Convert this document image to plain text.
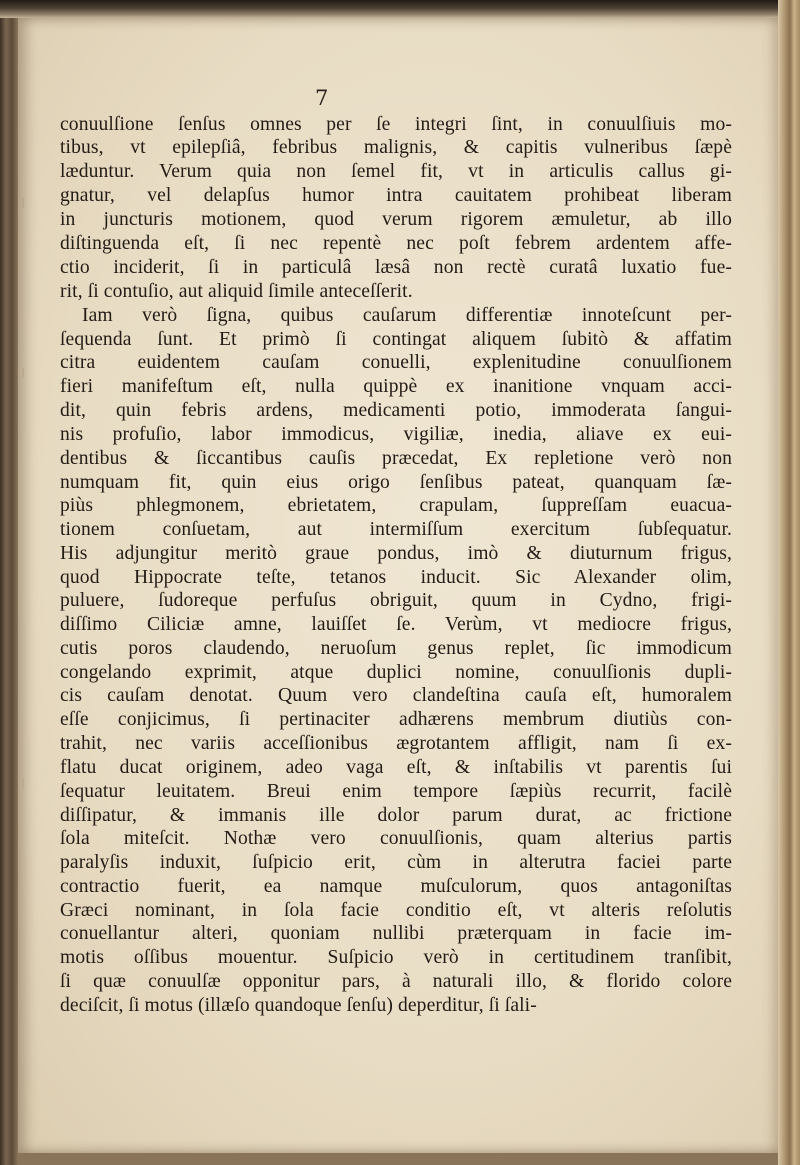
7
conuulſione ſenſus omnes per ſe integri ſint, in conuulſiuis mo-
tibus, vt epilepſiâ, febribus malignis, & capitis vulneribus ſæpè
læduntur. Verum quia non ſemel fit, vt in articulis callus gi-
gnatur, vel delapſus humor intra cauitatem prohibeat liberam
in juncturis motionem, quod verum rigorem æmuletur, ab illo
diſtinguenda eſt, ſi nec repentè nec poſt febrem ardentem affe-
ctio inciderit, ſi in particulâ læsâ non rectè curatâ luxatio fue-
rit, ſi contuſio, aut aliquid ſimile anteceſſerit.
Iam verò ſigna, quibus cauſarum differentiæ innoteſcunt per-
ſequenda ſunt. Et primò ſi contingat aliquem ſubitò & affatim
citra euidentem cauſam conuelli, explenitudine conuulſionem
fieri manifeſtum eſt, nulla quippè ex inanitione vnquam acci-
dit, quin febris ardens, medicamenti potio, immoderata ſangui-
nis profuſio, labor immodicus, vigiliæ, inedia, aliave ex eui-
dentibus & ſiccantibus cauſis præcedat, Ex repletione verò non
numquam fit, quin eius origo ſenſibus pateat, quanquam ſæ-
piùs phlegmonem, ebrietatem, crapulam, ſuppreſſam euacua-
tionem conſuetam, aut intermiſſum exercitum ſubſequatur.
His adjungitur meritò graue pondus, imò & diuturnum frigus,
quod Hippocrate teſte, tetanos inducit. Sic Alexander olim,
puluere, ſudoreque perfuſus obriguit, quum in Cydno, frigi-
diſſimo Ciliciæ amne, lauiſſet ſe. Verùm, vt mediocre frigus,
cutis poros claudendo, neruoſum genus replet, ſic immodicum
congelando exprimit, atque duplici nomine, conuulſionis dupli-
cis cauſam denotat. Quum vero clandeſtina cauſa eſt, humoralem
eſſe conjicimus, ſi pertinaciter adhærens membrum diutiùs con-
trahit, nec variis acceſſionibus ægrotantem affligit, nam ſi ex-
flatu ducat originem, adeo vaga eſt, & inſtabilis vt parentis ſui
ſequatur leuitatem. Breui enim tempore ſæpiùs recurrit, facilè
diſſipatur, & immanis ille dolor parum durat, ac frictione
ſola miteſcit. Nothæ vero conuulſionis, quam alterius partis
paralyſis induxit, ſuſpicio erit, cùm in alterutra faciei parte
contractio fuerit, ea namque muſculorum, quos antagoniſtas
Græci nominant, in ſola facie conditio eſt, vt alteris reſolutis
conuellantur alteri, quoniam nullibi præterquam in facie im-
motis oſſibus mouentur. Suſpicio verò in certitudinem tranſibit,
ſi quæ conuulſæ opponitur pars, à naturali illo, & florido colore
deciſcit, ſi motus (illæſo quandoque ſenſu) deperditur, ſi ſali-
